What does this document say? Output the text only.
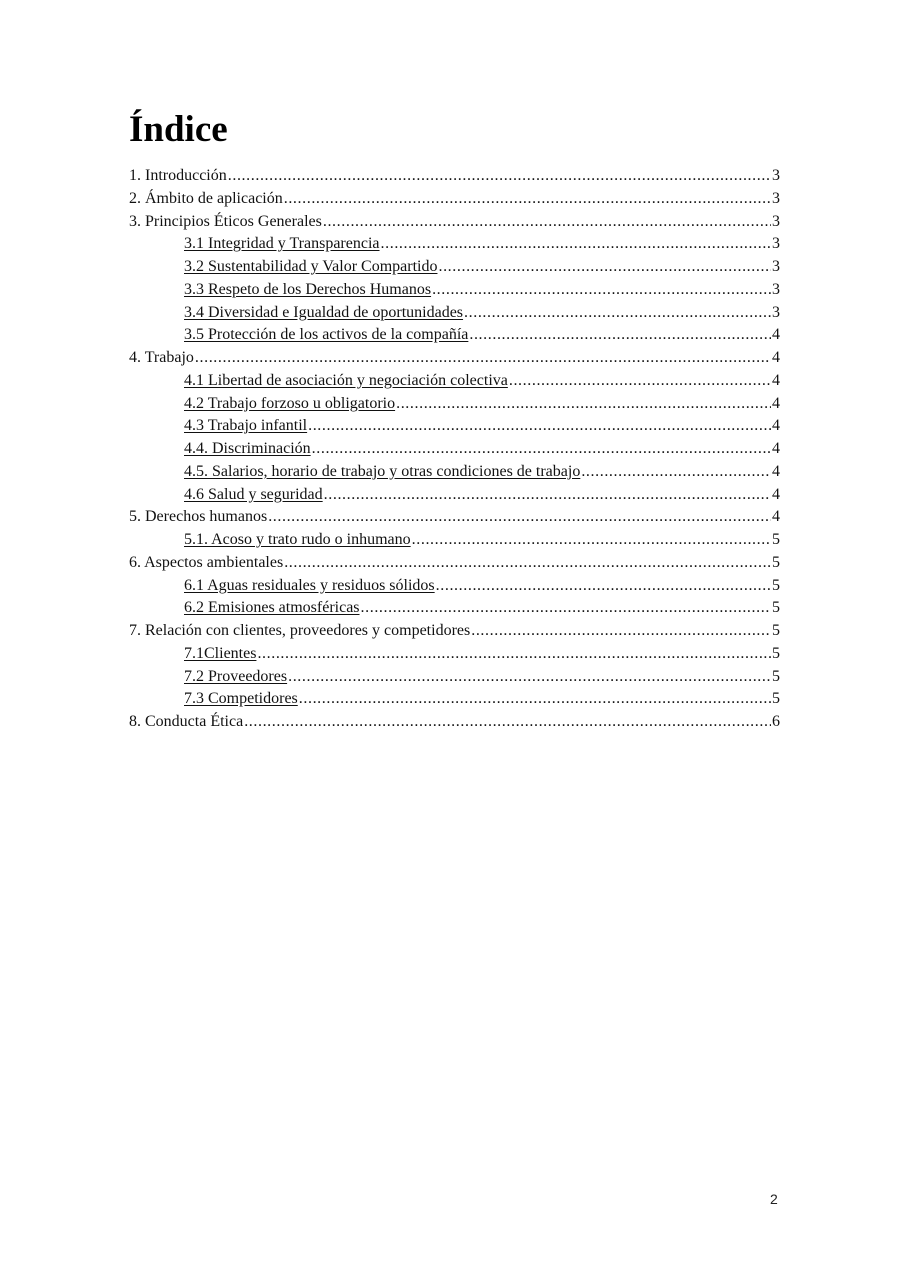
Índice
1. Introducción .....	3
2. Ámbito de aplicación .....	3
3. Principios Éticos Generales .....	3
3.1 Integridad y Transparencia .....	3
3.2 Sustentabilidad y Valor Compartido .....	3
3.3 Respeto de los Derechos Humanos .....	3
3.4 Diversidad e Igualdad de oportunidades .....	3
3.5 Protección de los activos de la compañía .....	4
4. Trabajo .....	4
4.1 Libertad de asociación y negociación colectiva .....	4
4.2 Trabajo forzoso u obligatorio .....	4
4.3 Trabajo infantil .....	4
4.4. Discriminación .....	4
4.5. Salarios, horario de trabajo y otras condiciones de trabajo .....	4
4.6 Salud y seguridad .....	4
5. Derechos humanos .....	4
5.1. Acoso y trato rudo o inhumano .....	5
6. Aspectos ambientales .....	5
6.1 Aguas residuales y residuos sólidos .....	5
6.2 Emisiones atmosféricas .....	5
7. Relación con clientes, proveedores y competidores .....	5
7.1Clientes .....	5
7.2 Proveedores .....	5
7.3 Competidores .....	5
8. Conducta Ética .....	6
2
